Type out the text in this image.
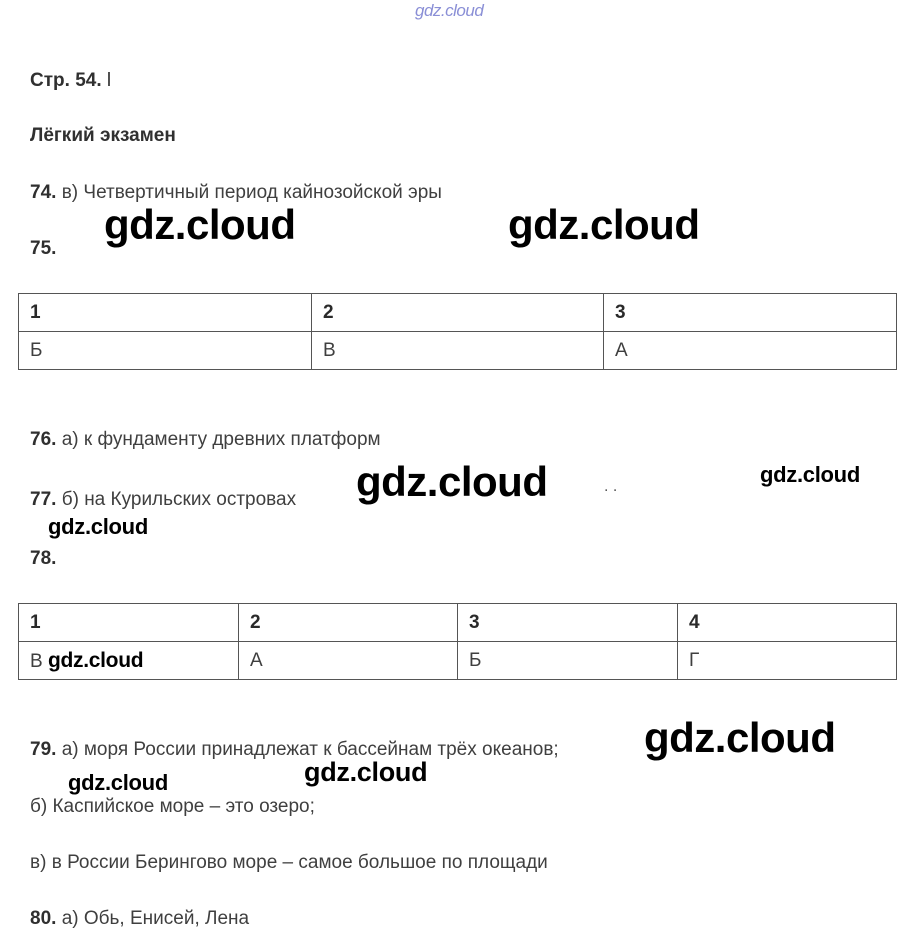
gdz.cloud
Стр. 54. l
Лёгкий экзамен
74. в) Четвертичный период кайнозойской эры
gdz.cloud	gdz.cloud
75.
1	2	3
Б	В	А
76. а) к фундаменту древних платформ
gdz.cloud	gdz.cloud
. .
77. б) на Курильских островах
gdz.cloud
78.
1	2	3	4
В gdz.cloud	А	Б	Г
79. а) моря России принадлежат к бассейнам трёх океанов; gdz.cloud
gdz.cloud	gdz.cloud
б) Каспийское море – это озеро;
в) в России Берингово море – самое большое по площади
80. а) Обь, Енисей, Лена
